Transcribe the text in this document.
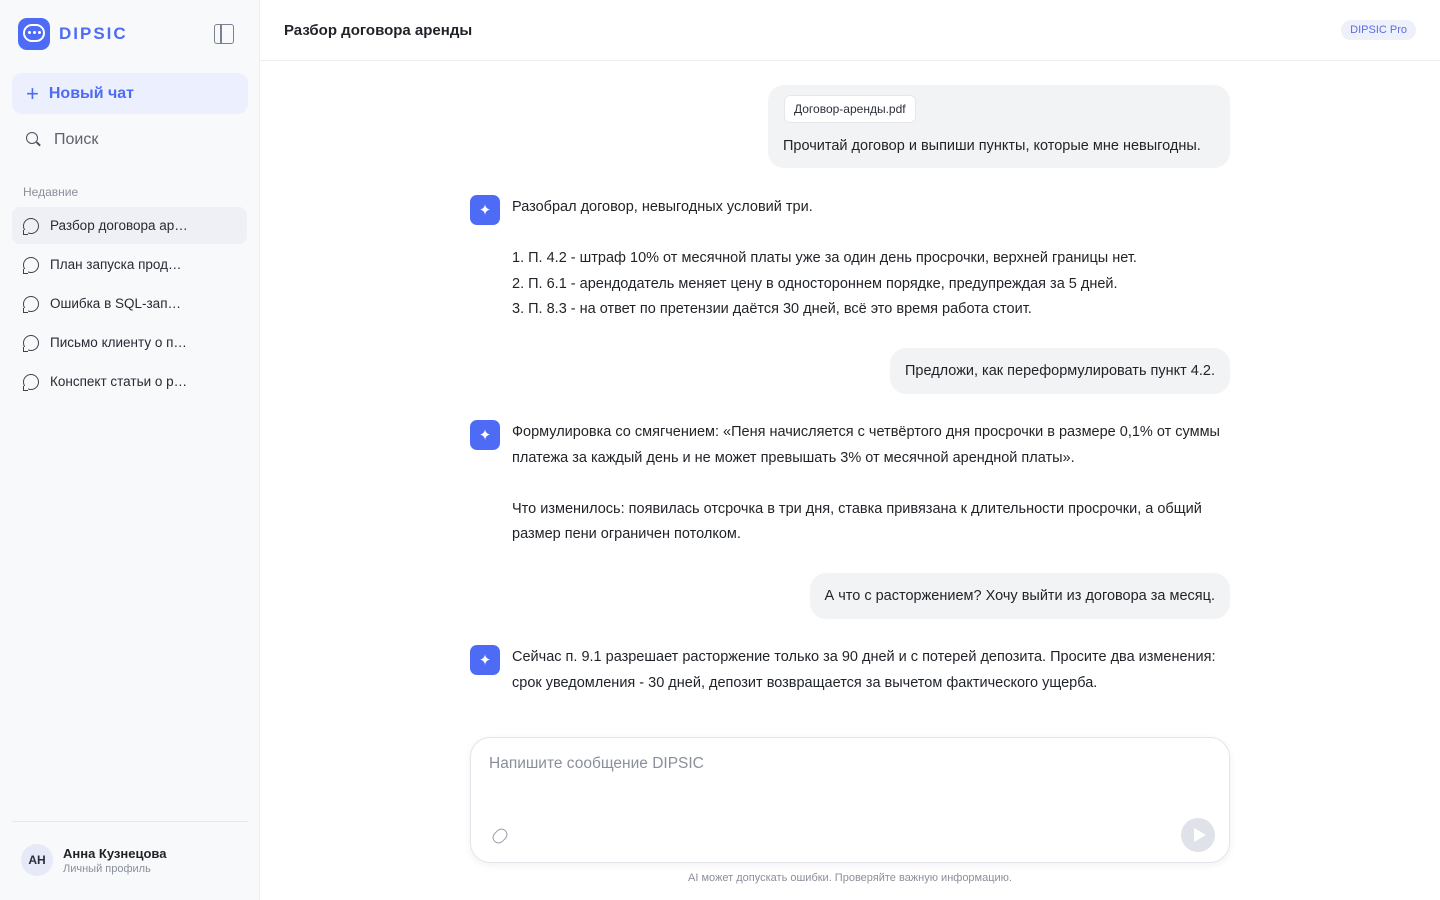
DIPSIC
+ Новый чат
Поиск
Недавние
Разбор договора ар…
План запуска прод…
Ошибка в SQL-зап…
Письмо клиенту о п…
Конспект статьи о р…
АН	Анна Кузнецова
Личный профиль
Разбор договора аренды	DIPSIC Pro
Договор-аренды.pdf
Прочитай договор и выпиши пункты, которые мне невыгодны.
✦	Разобрал договор, невыгодных условий три.

1. П. 4.2 - штраф 10% от месячной платы уже за один день просрочки, верхней границы нет.

2. П. 6.1 - арендодатель меняет цену в одностороннем порядке, предупреждая за 5 дней.

3. П. 8.3 - на ответ по претензии даётся 30 дней, всё это время работа стоит.

Предложи, как переформулировать пункт 4.2.
✦	Формулировка со смягчением: «Пеня начисляется с четвёртого дня просрочки в размере 0,1% от суммы платежа за каждый день и не может превышать 3% от месячной арендной платы».

Что изменилось: появилась отсрочка в три дня, ставка привязана к длительности просрочки, а общий размер пени ограничен потолком.

А что с расторжением? Хочу выйти из договора за месяц.
✦	Сейчас п. 9.1 разрешает расторжение только за 90 дней и с потерей депозита. Просите два изменения: срок уведомления - 30 дней, депозит возвращается за вычетом фактического ущерба.

Напишите сообщение DIPSIC
AI может допускать ошибки. Проверяйте важную информацию.
